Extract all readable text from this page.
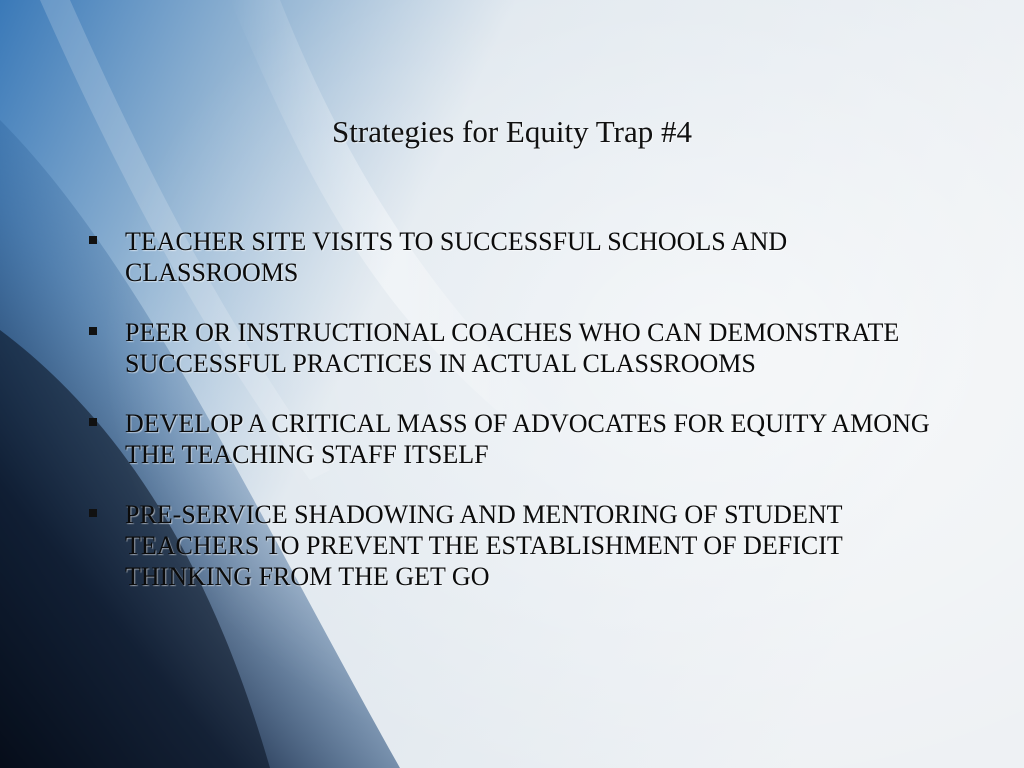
Strategies for Equity Trap #4
TEACHER SITE VISITS TO SUCCESSFUL SCHOOLS AND CLASSROOMS
PEER OR INSTRUCTIONAL COACHES WHO CAN DEMONSTRATE SUCCESSFUL PRACTICES IN ACTUAL CLASSROOMS
DEVELOP A CRITICAL MASS OF ADVOCATES FOR EQUITY AMONG THE TEACHING STAFF ITSELF
PRE-SERVICE SHADOWING AND MENTORING OF STUDENT TEACHERS TO PREVENT THE ESTABLISHMENT OF DEFICIT THINKING FROM THE GET GO
